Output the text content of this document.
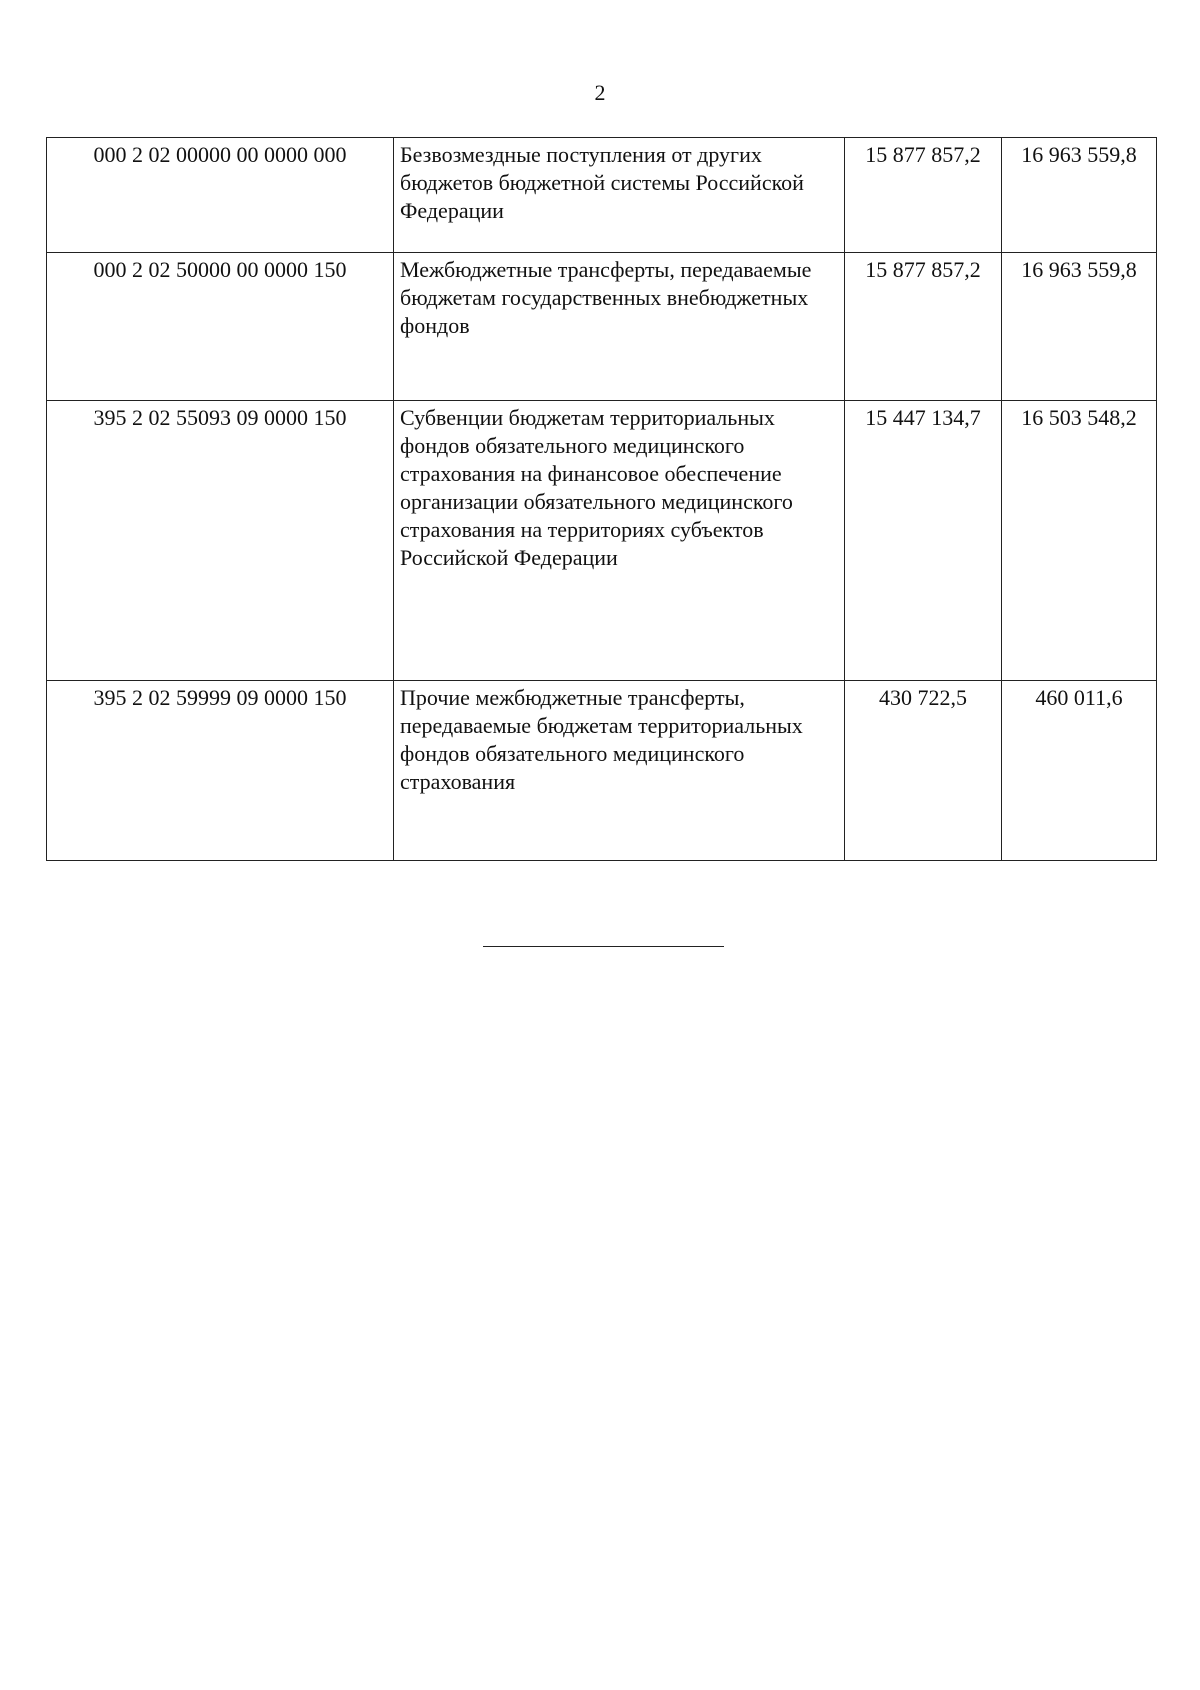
2
000 2 02 00000 00 0000 000	Безвозмездные поступления от других бюджетов бюджетной системы Российской Федерации	15 877 857,2	16 963 559,8
000 2 02 50000 00 0000 150	Межбюджетные трансферты, передаваемые бюджетам государственных внебюджетных фондов	15 877 857,2	16 963 559,8
395 2 02 55093 09 0000 150	Субвенции бюджетам территориальных фондов обязательного медицинского страхования на финансовое обеспечение организации обязательного медицинского страхования на территориях субъектов Российской Федерации	15 447 134,7	16 503 548,2
395 2 02 59999 09 0000 150	Прочие межбюджетные трансферты, передаваемые бюджетам территориальных фондов обязательного медицинского страхования	430 722,5	460 011,6
